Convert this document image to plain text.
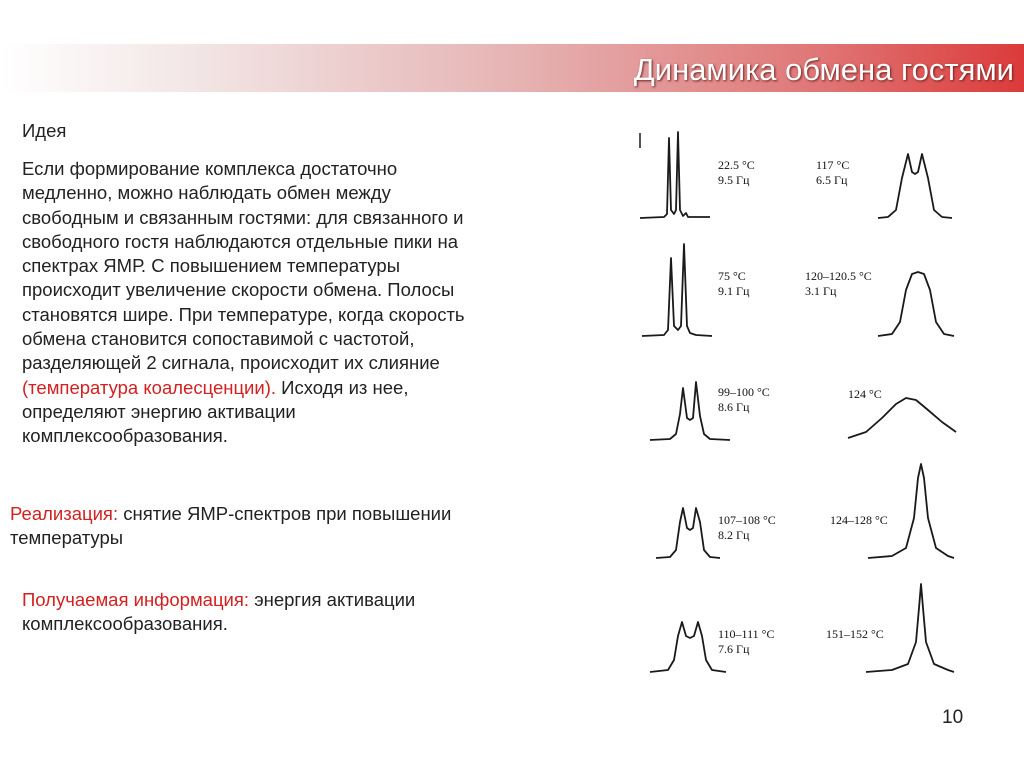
Динамика обмена гостями
Идея
Если формирование комплекса достаточно
медленно, можно наблюдать обмен между
свободным и связанным гостями: для связанного и
свободного гостя наблюдаются отдельные пики на
спектрах ЯМР. С повышением температуры
происходит увеличение скорости обмена. Полосы
становятся шире. При температуре, когда скорость
обмена становится сопоставимой с частотой,
разделяющей 2 сигнала, происходит их слияние
(температура коалесценции). Исходя из нее,
определяют энергию активации
комплексообразования.
Реализация: снятие ЯМР-спектров при повышении
температуры
Получаемая информация: энергия активации
комплексообразования.
22.5 °C
9.5 Гц
117 °C
6.5 Гц
75 °C
9.1 Гц
120–120.5 °C
3.1 Гц
99–100 °C
8.6 Гц
124 °C
107–108 °C
8.2 Гц
124–128 °C
110–111 °C
7.6 Гц
151–152 °C
10
